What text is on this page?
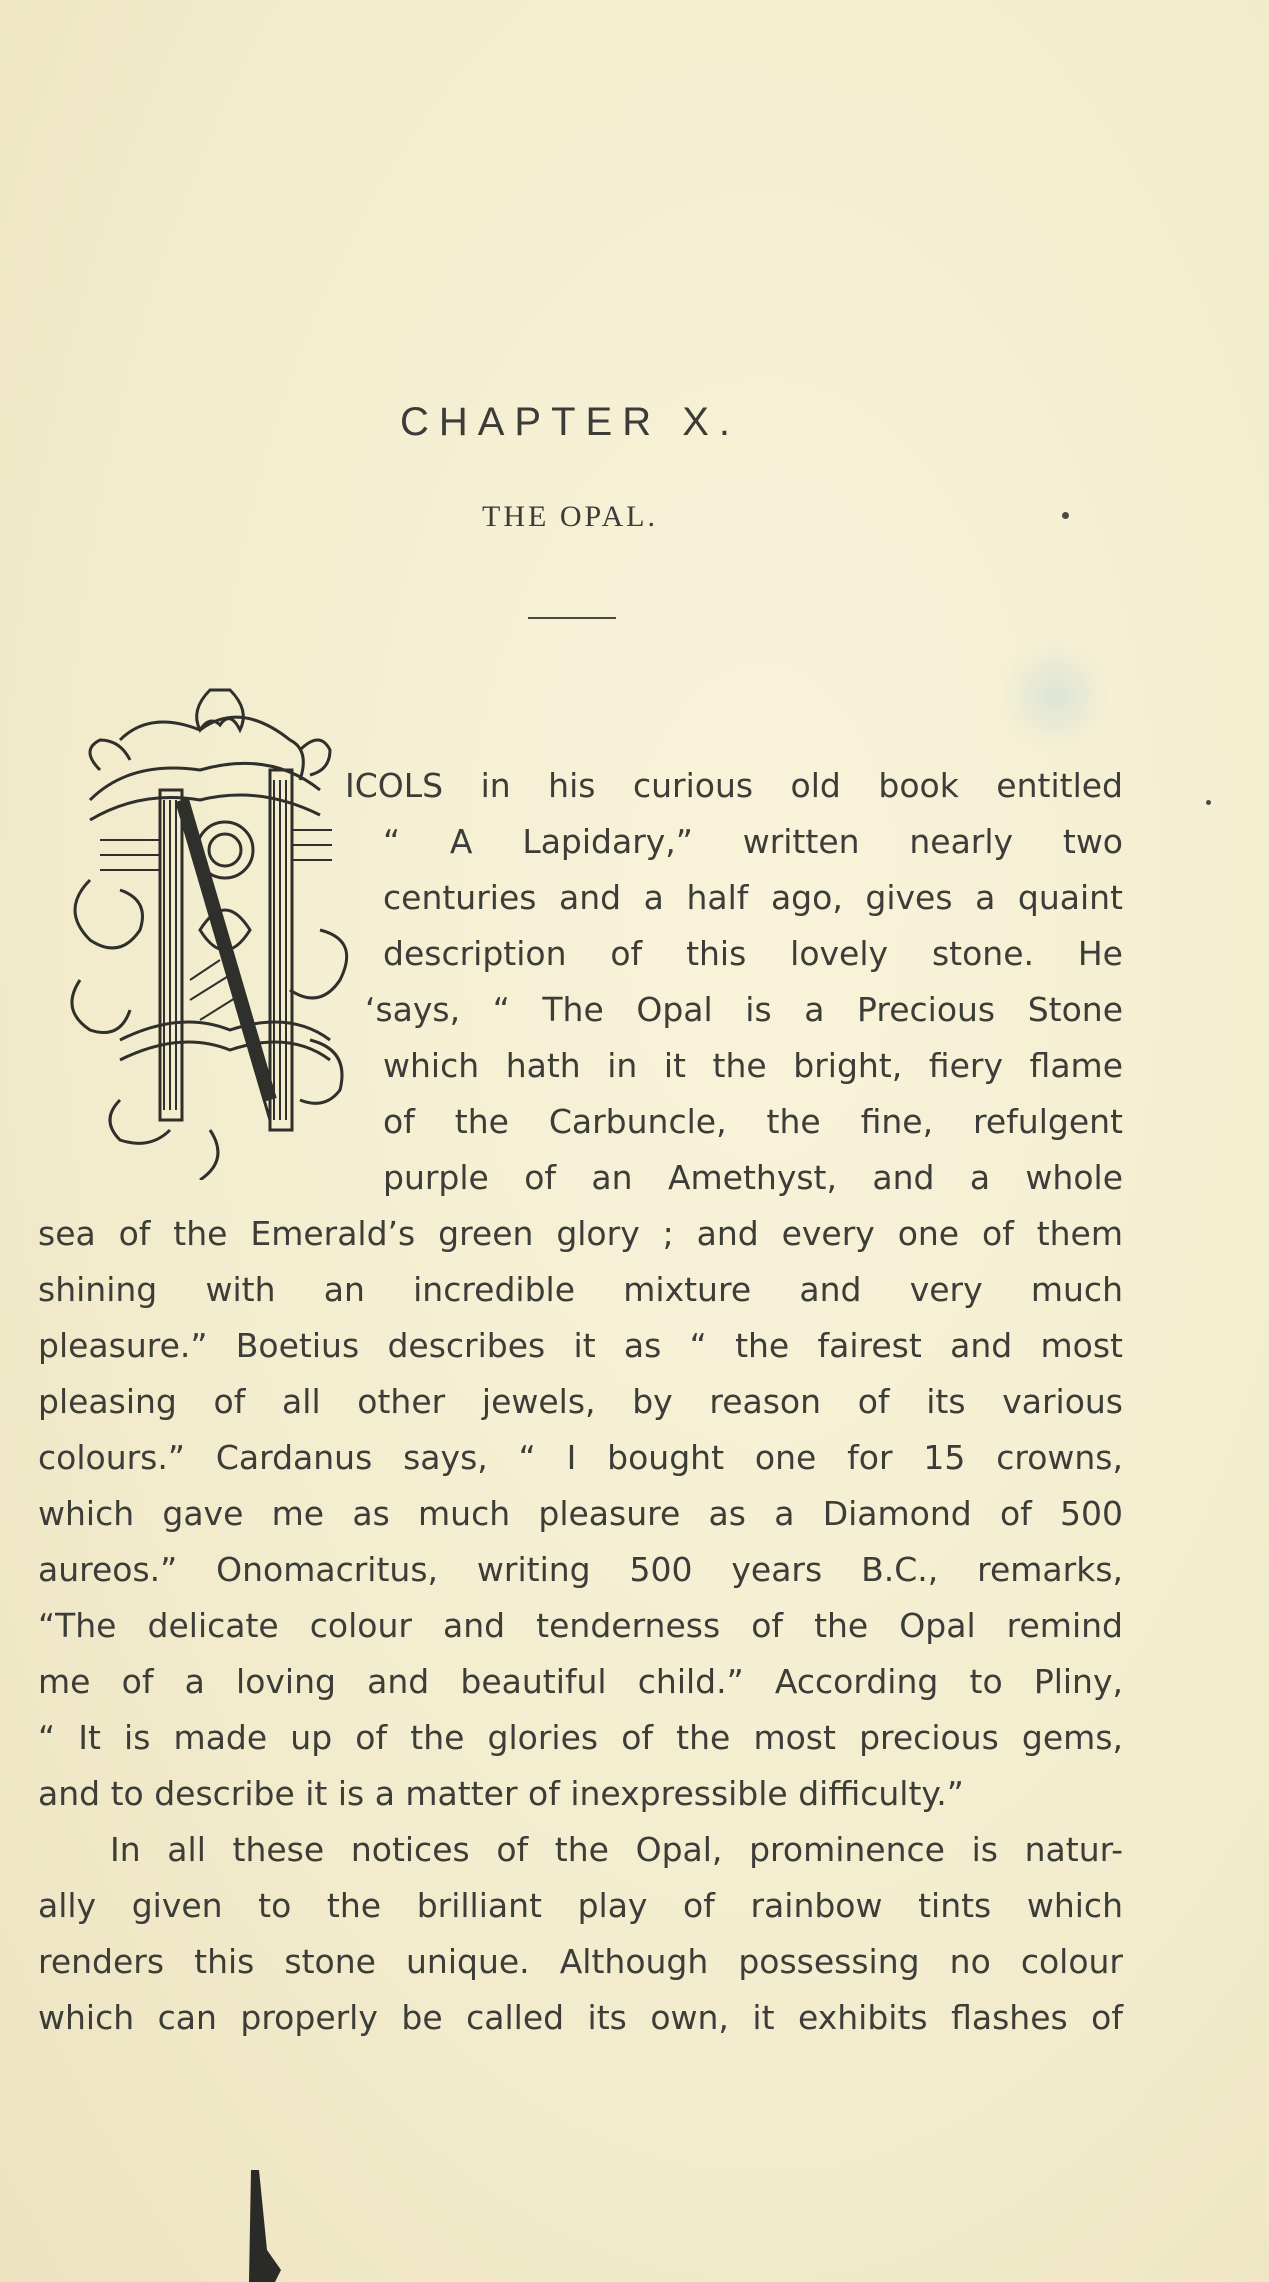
CHAPTER X.
THE OPAL.
ICOLS in his curious old book entitled
“ A Lapidary,” written nearly two
centuries and a half ago, gives a quaint
description of this lovely stone. He
‘says, “ The Opal is a Precious Stone
which hath in it the bright, fiery flame
of the Carbuncle, the fine, refulgent
purple of an Amethyst, and a whole
sea of the Emerald’s green glory ; and every one of them
shining with an incredible mixture and very much
pleasure.” Boetius describes it as “ the fairest and most
pleasing of all other jewels, by reason of its various
colours.” Cardanus says, “ I bought one for 15 crowns,
which gave me as much pleasure as a Diamond of 500
aureos.” Onomacritus, writing 500 years B.C., remarks,
“The delicate colour and tenderness of the Opal remind
me of a loving and beautiful child.” According to Pliny,
“ It is made up of the glories of the most precious gems,
and to describe it is a matter of inexpressible difficulty.”
In all these notices of the Opal, prominence is natur-
ally given to the brilliant play of rainbow tints which
renders this stone unique. Although possessing no colour
which can properly be called its own, it exhibits flashes of
